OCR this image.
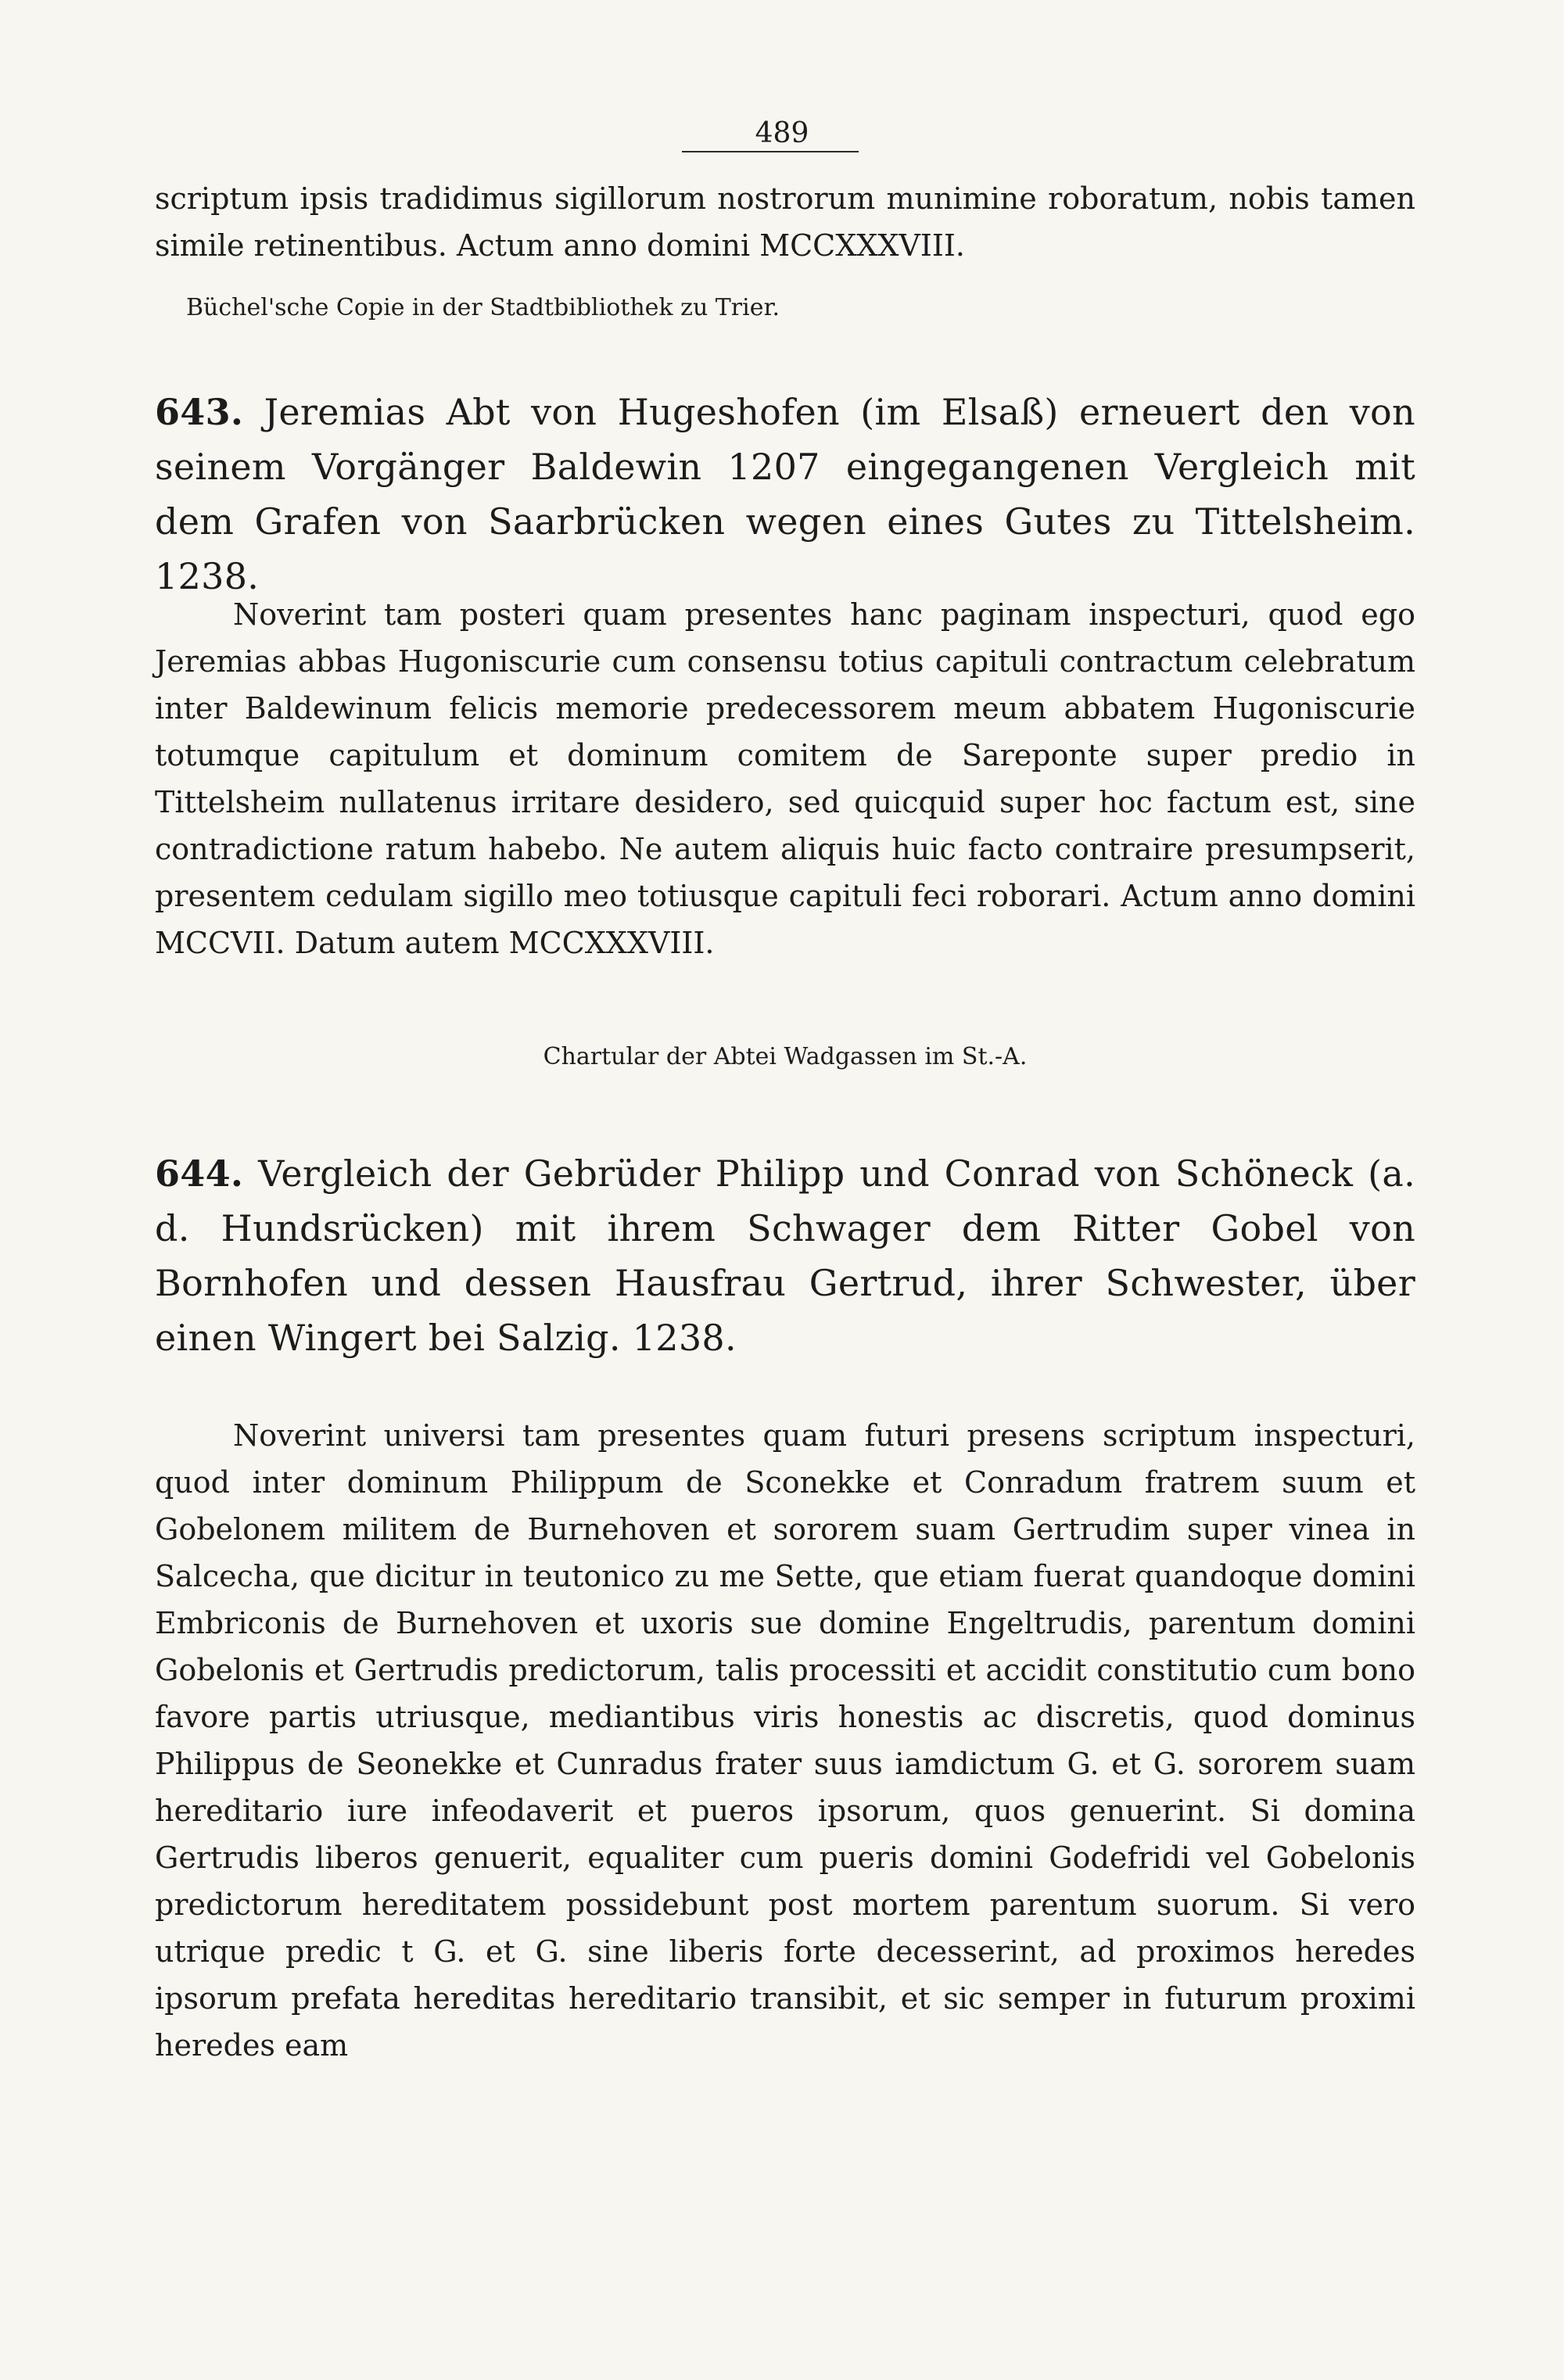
489

scriptum ipsis tradidimus sigillorum nostrorum munimine roboratum, nobis tamen simile retinentibus. Actum anno domini MCCXXXVIII.

Büchel'sche Copie in der Stadtbibliothek zu Trier.

643. Jeremias Abt von Hugeshofen (im Elsaß) erneuert den von seinem Vorgänger Baldewin 1207 eingegangenen Vergleich mit dem Grafen von Saarbrücken wegen eines Gutes zu Tittelsheim. 1238.

Noverint tam posteri quam presentes hanc paginam inspecturi, quod ego Jeremias abbas Hugoniscurie cum consensu totius capituli contractum celebratum inter Baldewinum felicis memorie predecessorem meum abbatem Hugoniscurie totumque capitulum et dominum comitem de Sareponte super predio in Tittelsheim nullatenus irritare desidero, sed quicquid super hoc factum est, sine contradictione ratum habebo. Ne autem aliquis huic facto contraire presumpserit, presentem cedulam sigillo meo totiusque capituli feci roborari. Actum anno domini MCCVII. Datum autem MCCXXXVIII.

Chartular der Abtei Wadgassen im St.-A.

644. Vergleich der Gebrüder Philipp und Conrad von Schöneck (a. d. Hundsrücken) mit ihrem Schwager dem Ritter Gobel von Bornhofen und dessen Hausfrau Gertrud, ihrer Schwester, über einen Wingert bei Salzig. 1238.

Noverint universi tam presentes quam futuri presens scriptum inspecturi, quod inter dominum Philippum de Sconekke et Conradum fratrem suum et Gobelonem militem de Burnehoven et sororem suam Gertrudim super vinea in Salcecha, que dicitur in teutonico zu me Sette, que etiam fuerat quandoque domini Embriconis de Burnehoven et uxoris sue domine Engeltrudis, parentum domini Gobelonis et Gertrudis predictorum, talis processiti et accidit constitutio cum bono favore partis utriusque, mediantibus viris honestis ac discretis, quod dominus Philippus de Seonekke et Cunradus frater suus iamdictum G. et G. sororem suam hereditario iure infeodaverit et pueros ipsorum, quos genuerint. Si domina Gertrudis liberos genuerit, equaliter cum pueris domini Godefridi vel Gobelonis predictorum hereditatem possidebunt post mortem parentum suorum. Si vero utrique predic t G. et G. sine liberis forte decesserint, ad proximos heredes ipsorum prefata hereditas hereditario transibit, et sic semper in futurum proximi heredes eam
